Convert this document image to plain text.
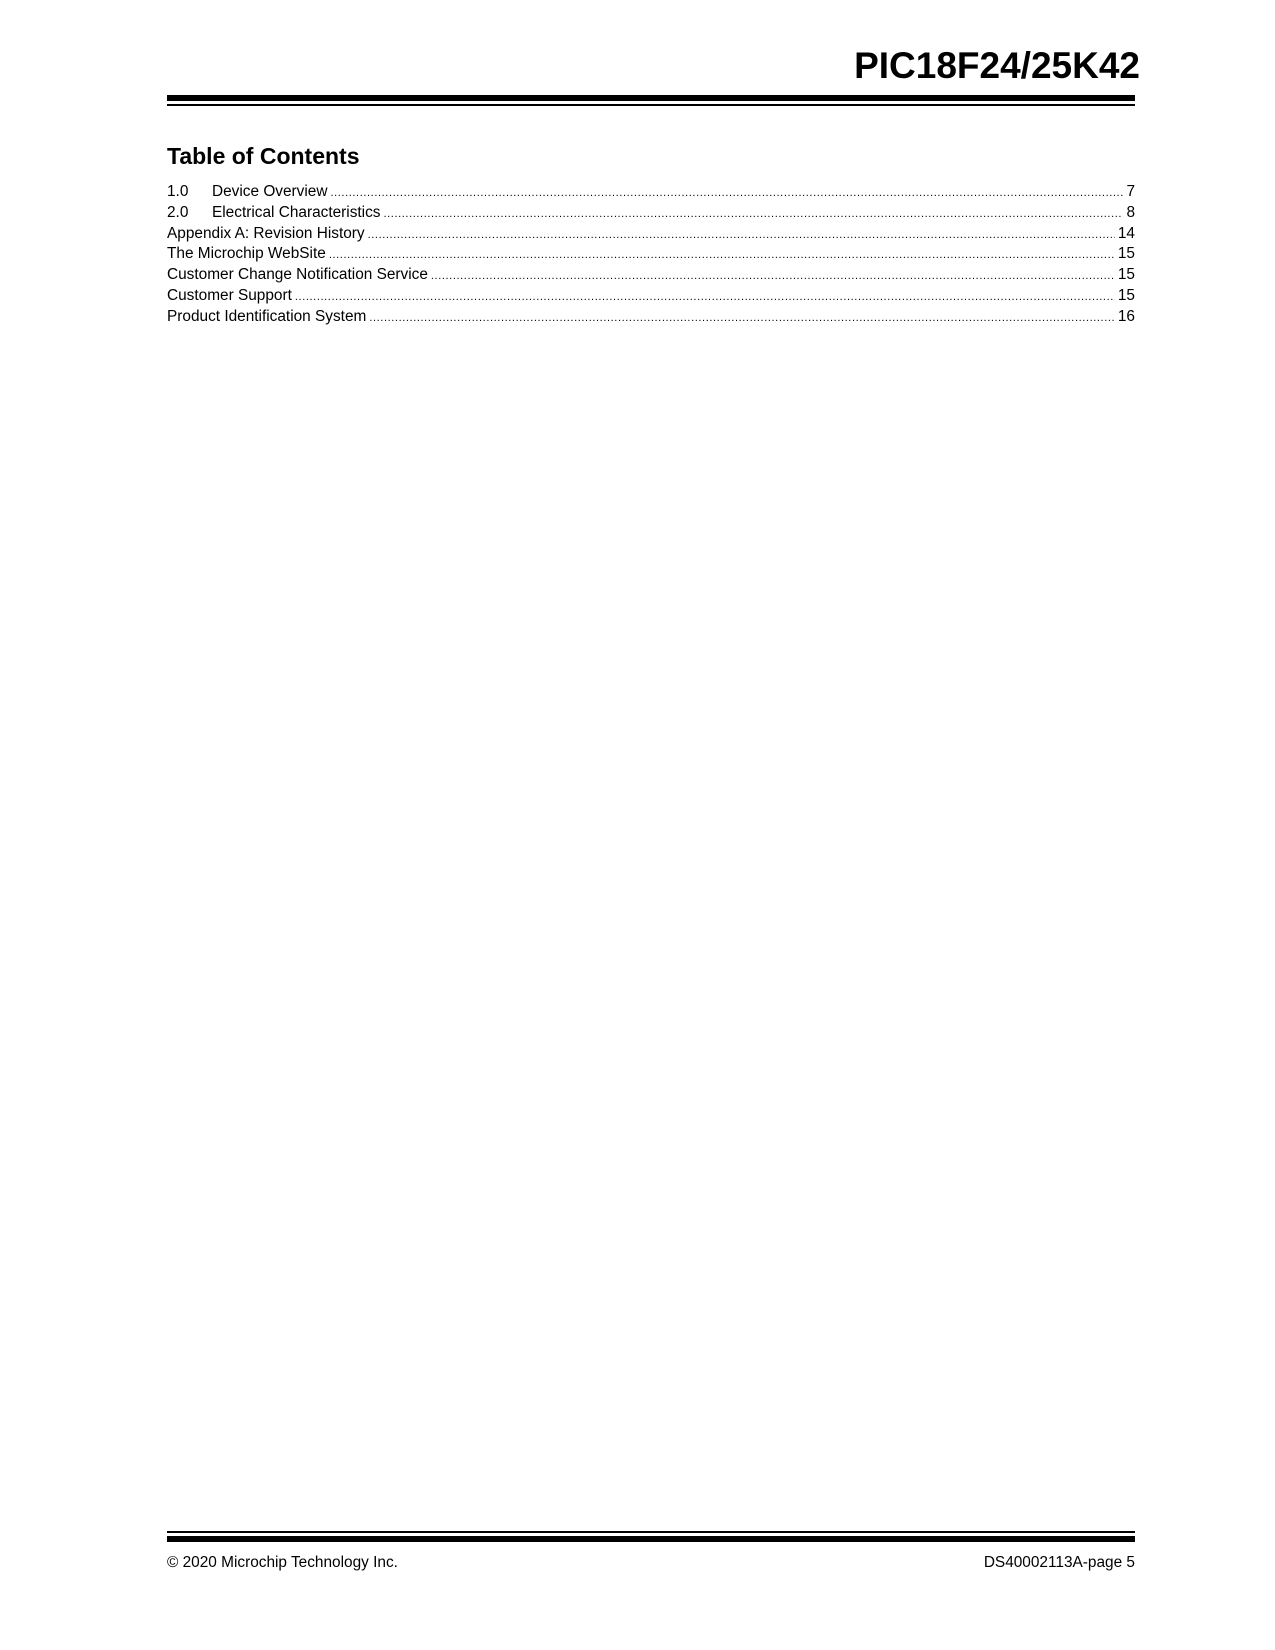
PIC18F24/25K42
Table of Contents
1.0	Device Overview .....	7
2.0	Electrical Characteristics .....	8
Appendix A: Revision History .....	14
The Microchip WebSite .....	15
Customer Change Notification Service .....	15
Customer Support .....	15
Product Identification System .....	16
© 2020 Microchip Technology Inc.	DS40002113A-page 5
